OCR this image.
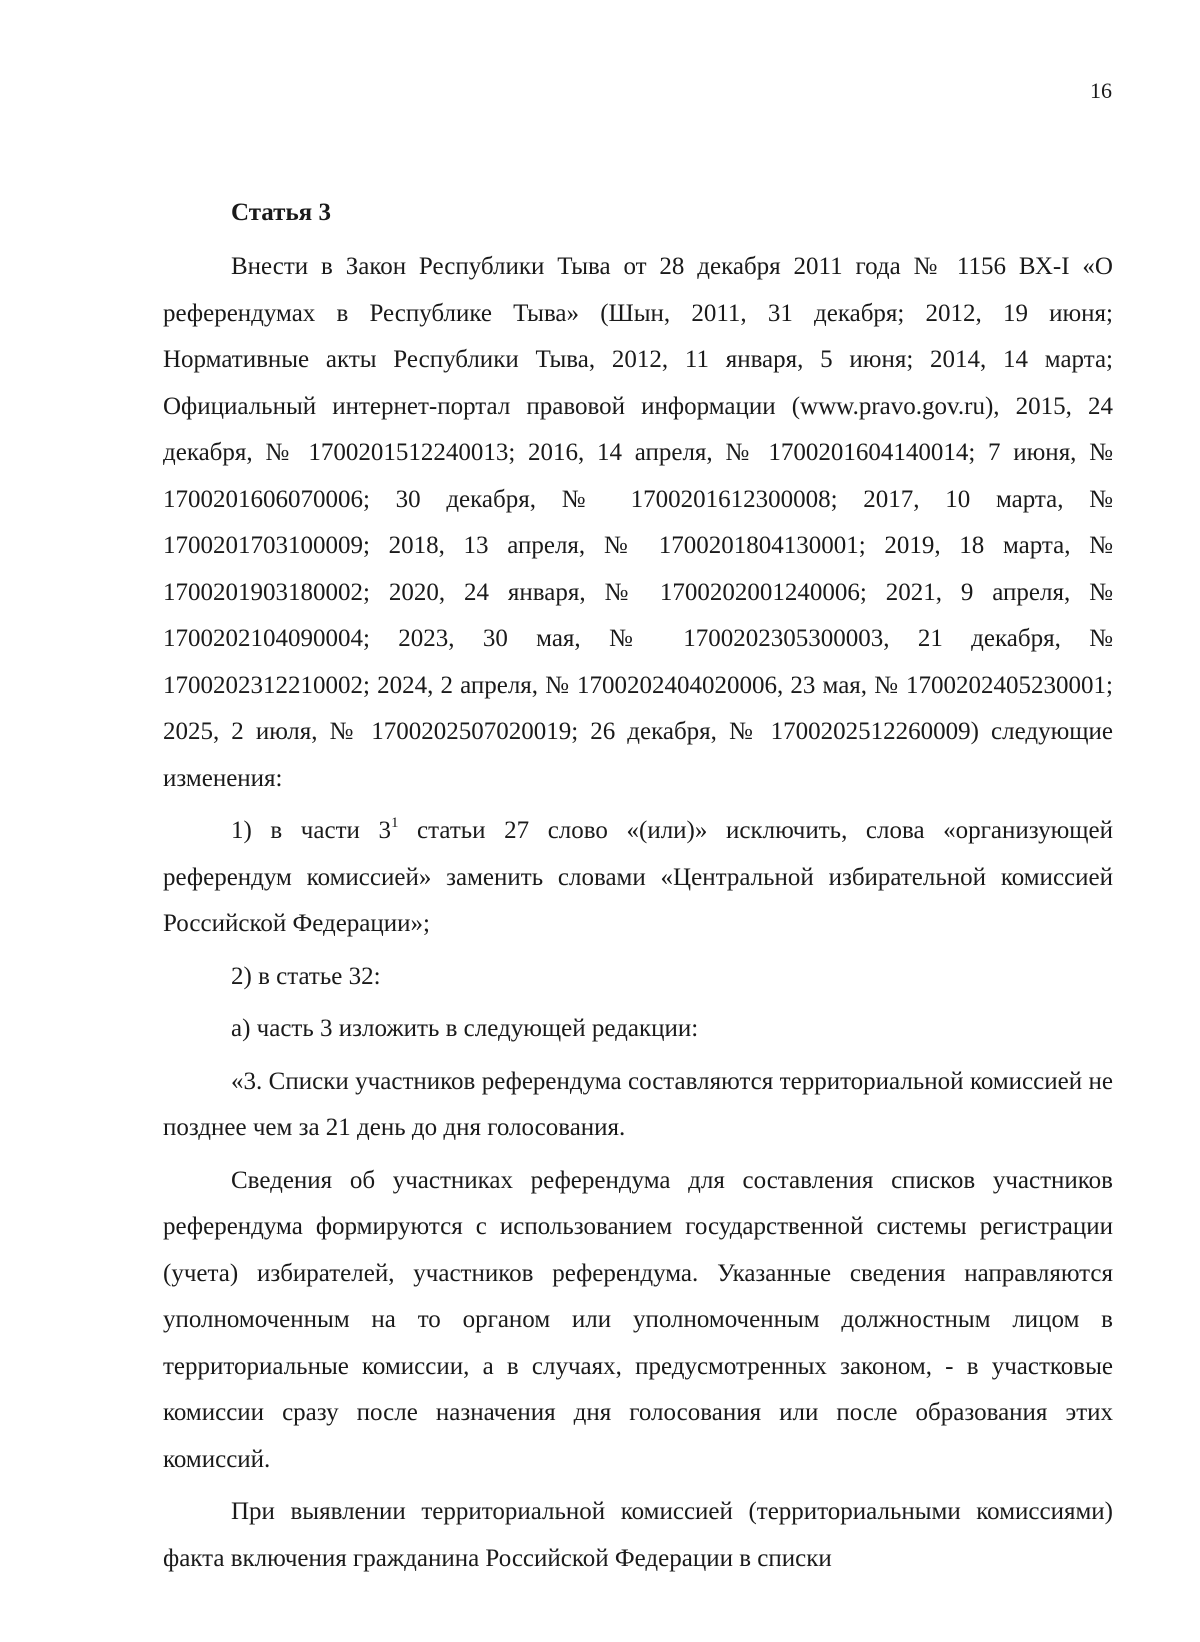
16
Статья 3

Внести в Закон Республики Тыва от 28 декабря 2011 года № 1156 ВХ-I «О референдумах в Республике Тыва» (Шын, 2011, 31 декабря; 2012, 19 июня; Нормативные акты Республики Тыва, 2012, 11 января, 5 июня; 2014, 14 марта; Официальный интернет-портал правовой информации (www.pravo.gov.ru), 2015, 24 декабря, № 1700201512240013; 2016, 14 апреля, № 1700201604140014; 7 июня, № 1700201606070006; 30 декабря, № 1700201612300008; 2017, 10 марта, № 1700201703100009; 2018, 13 апреля, № 1700201804130001; 2019, 18 марта, № 1700201903180002; 2020, 24 января, № 1700202001240006; 2021, 9 апреля, № 1700202104090004; 2023, 30 мая, № 1700202305300003, 21 декабря, № 1700202312210002; 2024, 2 апреля, № 1700202404020006, 23 мая, № 1700202405230001; 2025, 2 июля, № 1700202507020019; 26 декабря, № 1700202512260009) следующие изменения:

1) в части $3^1$ статьи 27 слово «(или)» исключить, слова «организующей референдум комиссией» заменить словами «Центральной избирательной комиссией Российской Федерации»;

2) в статье 32:

а) часть 3 изложить в следующей редакции:

«3. Списки участников референдума составляются территориальной комиссией не позднее чем за 21 день до дня голосования.

Сведения об участниках референдума для составления списков участников референдума формируются с использованием государственной системы регистрации (учета) избирателей, участников референдума. Указанные сведения направляются уполномоченным на то органом или уполномоченным должностным лицом в территориальные комиссии, а в случаях, предусмотренных законом, - в участковые комиссии сразу после назначения дня голосования или после образования этих комиссий.

При выявлении территориальной комиссией (территориальными комиссиями) факта включения гражданина Российской Федерации в списки
